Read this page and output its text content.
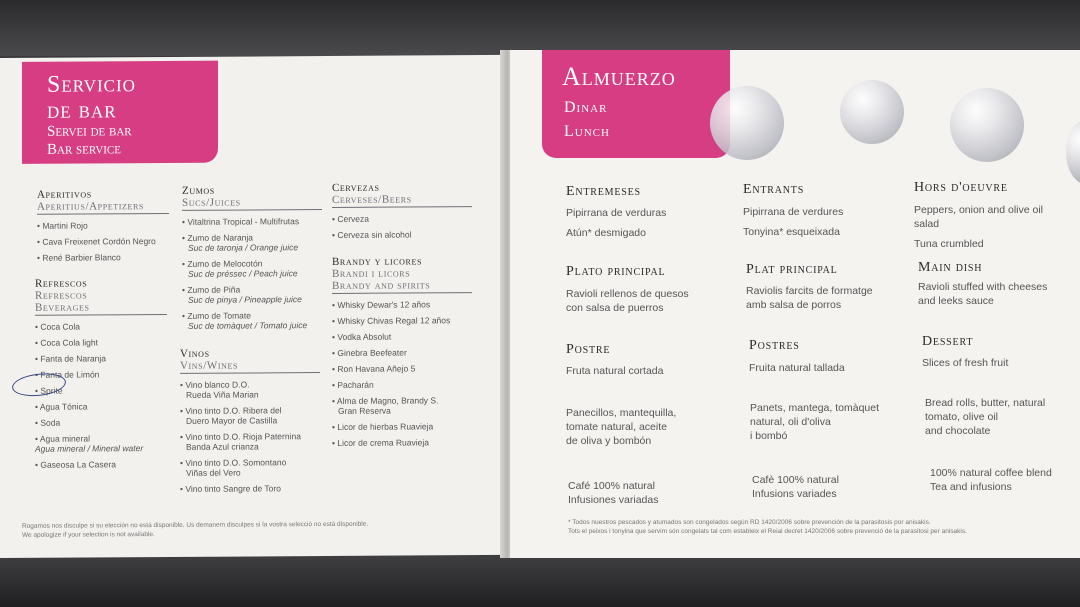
Servicio
de bar
Servei de bar
Bar service
Aperitivos
Aperitius/Appetizers
• Martini Rojo
• Cava Freixenet Cordón Negro
• René Barbier Blanco
Refrescos
Refrescos
Beverages
• Coca Cola
• Coca Cola light
• Fanta de Naranja
• Fanta de Limón
• Sprite
• Agua Tónica
• Soda
• Agua mineral
Agua mineral / Mineral water
• Gaseosa La Casera
Zumos
Sucs/Juices
• Vitaltrina Tropical - Multifrutas
• Zumo de Naranja
Suc de taronja / Orange juice
• Zumo de Melocotón
Suc de préssec / Peach juice
• Zumo de Piña
Suc de pinya / Pineapple juice
• Zumo de Tomate
Suc de tomàquet / Tomato juice
Vinos
Vins/Wines
• Vino blanco D.O.
Rueda Viña Marian
• Vino tinto D.O. Ribera del
Duero Mayor de Castilla
• Vino tinto D.O. Rioja Paternina
Banda Azul crianza
• Vino tinto D.O. Somontano
Viñas del Vero
• Vino tinto Sangre de Toro
Cervezas
Cerveses/Beers
• Cerveza
• Cerveza sin alcohol
Brandy y licores
Brandi i licors
Brandy and spirits
• Whisky Dewar's 12 años
• Whisky Chivas Regal 12 años
• Vodka Absolut
• Ginebra Beefeater
• Ron Havana Añejo 5
• Pacharán
• Alma de Magno, Brandy S.
Gran Reserva
• Licor de hierbas Ruavieja
• Licor de crema Ruavieja
Rogamos nos disculpe si su elección no está disponible. Us demanem disculpes si la vostra selecció no està disponible.
We apologize if your selection is not available.
Almuerzo
Dinar
Lunch
Entremeses
Pipirrana de verduras
Atún* desmigado
Plato principal
Ravioli rellenos de quesos
con salsa de puerros
Postre
Fruta natural cortada
Panecillos, mantequilla,
tomate natural, aceite
de oliva y bombón
Café 100% natural
Infusiones variadas
Entrants
Pipirrana de verdures
Tonyina* esqueixada
Plat principal
Raviolis farcits de formatge
amb salsa de porros
Postres
Fruita natural tallada
Panets, mantega, tomàquet
natural, oli d'oliva
i bombó
Cafè 100% natural
Infusions variades
Hors d'oeuvre
Peppers, onion and olive oil
salad
Tuna crumbled
Main dish
Ravioli stuffed with cheeses
and leeks sauce
Dessert
Slices of fresh fruit
Bread rolls, butter, natural
tomato, olive oil
and chocolate
100% natural coffee blend
Tea and infusions
* Todos nuestros pescados y atumados son congelados según RD 1420/2006 sobre prevención de la parasitosis por anisakis.
Tots el peixos i tonyina que servim són congelats tal com estableix el Reial decret 1420/2006 sobre prevenció de la parasitosi per anisakis.
